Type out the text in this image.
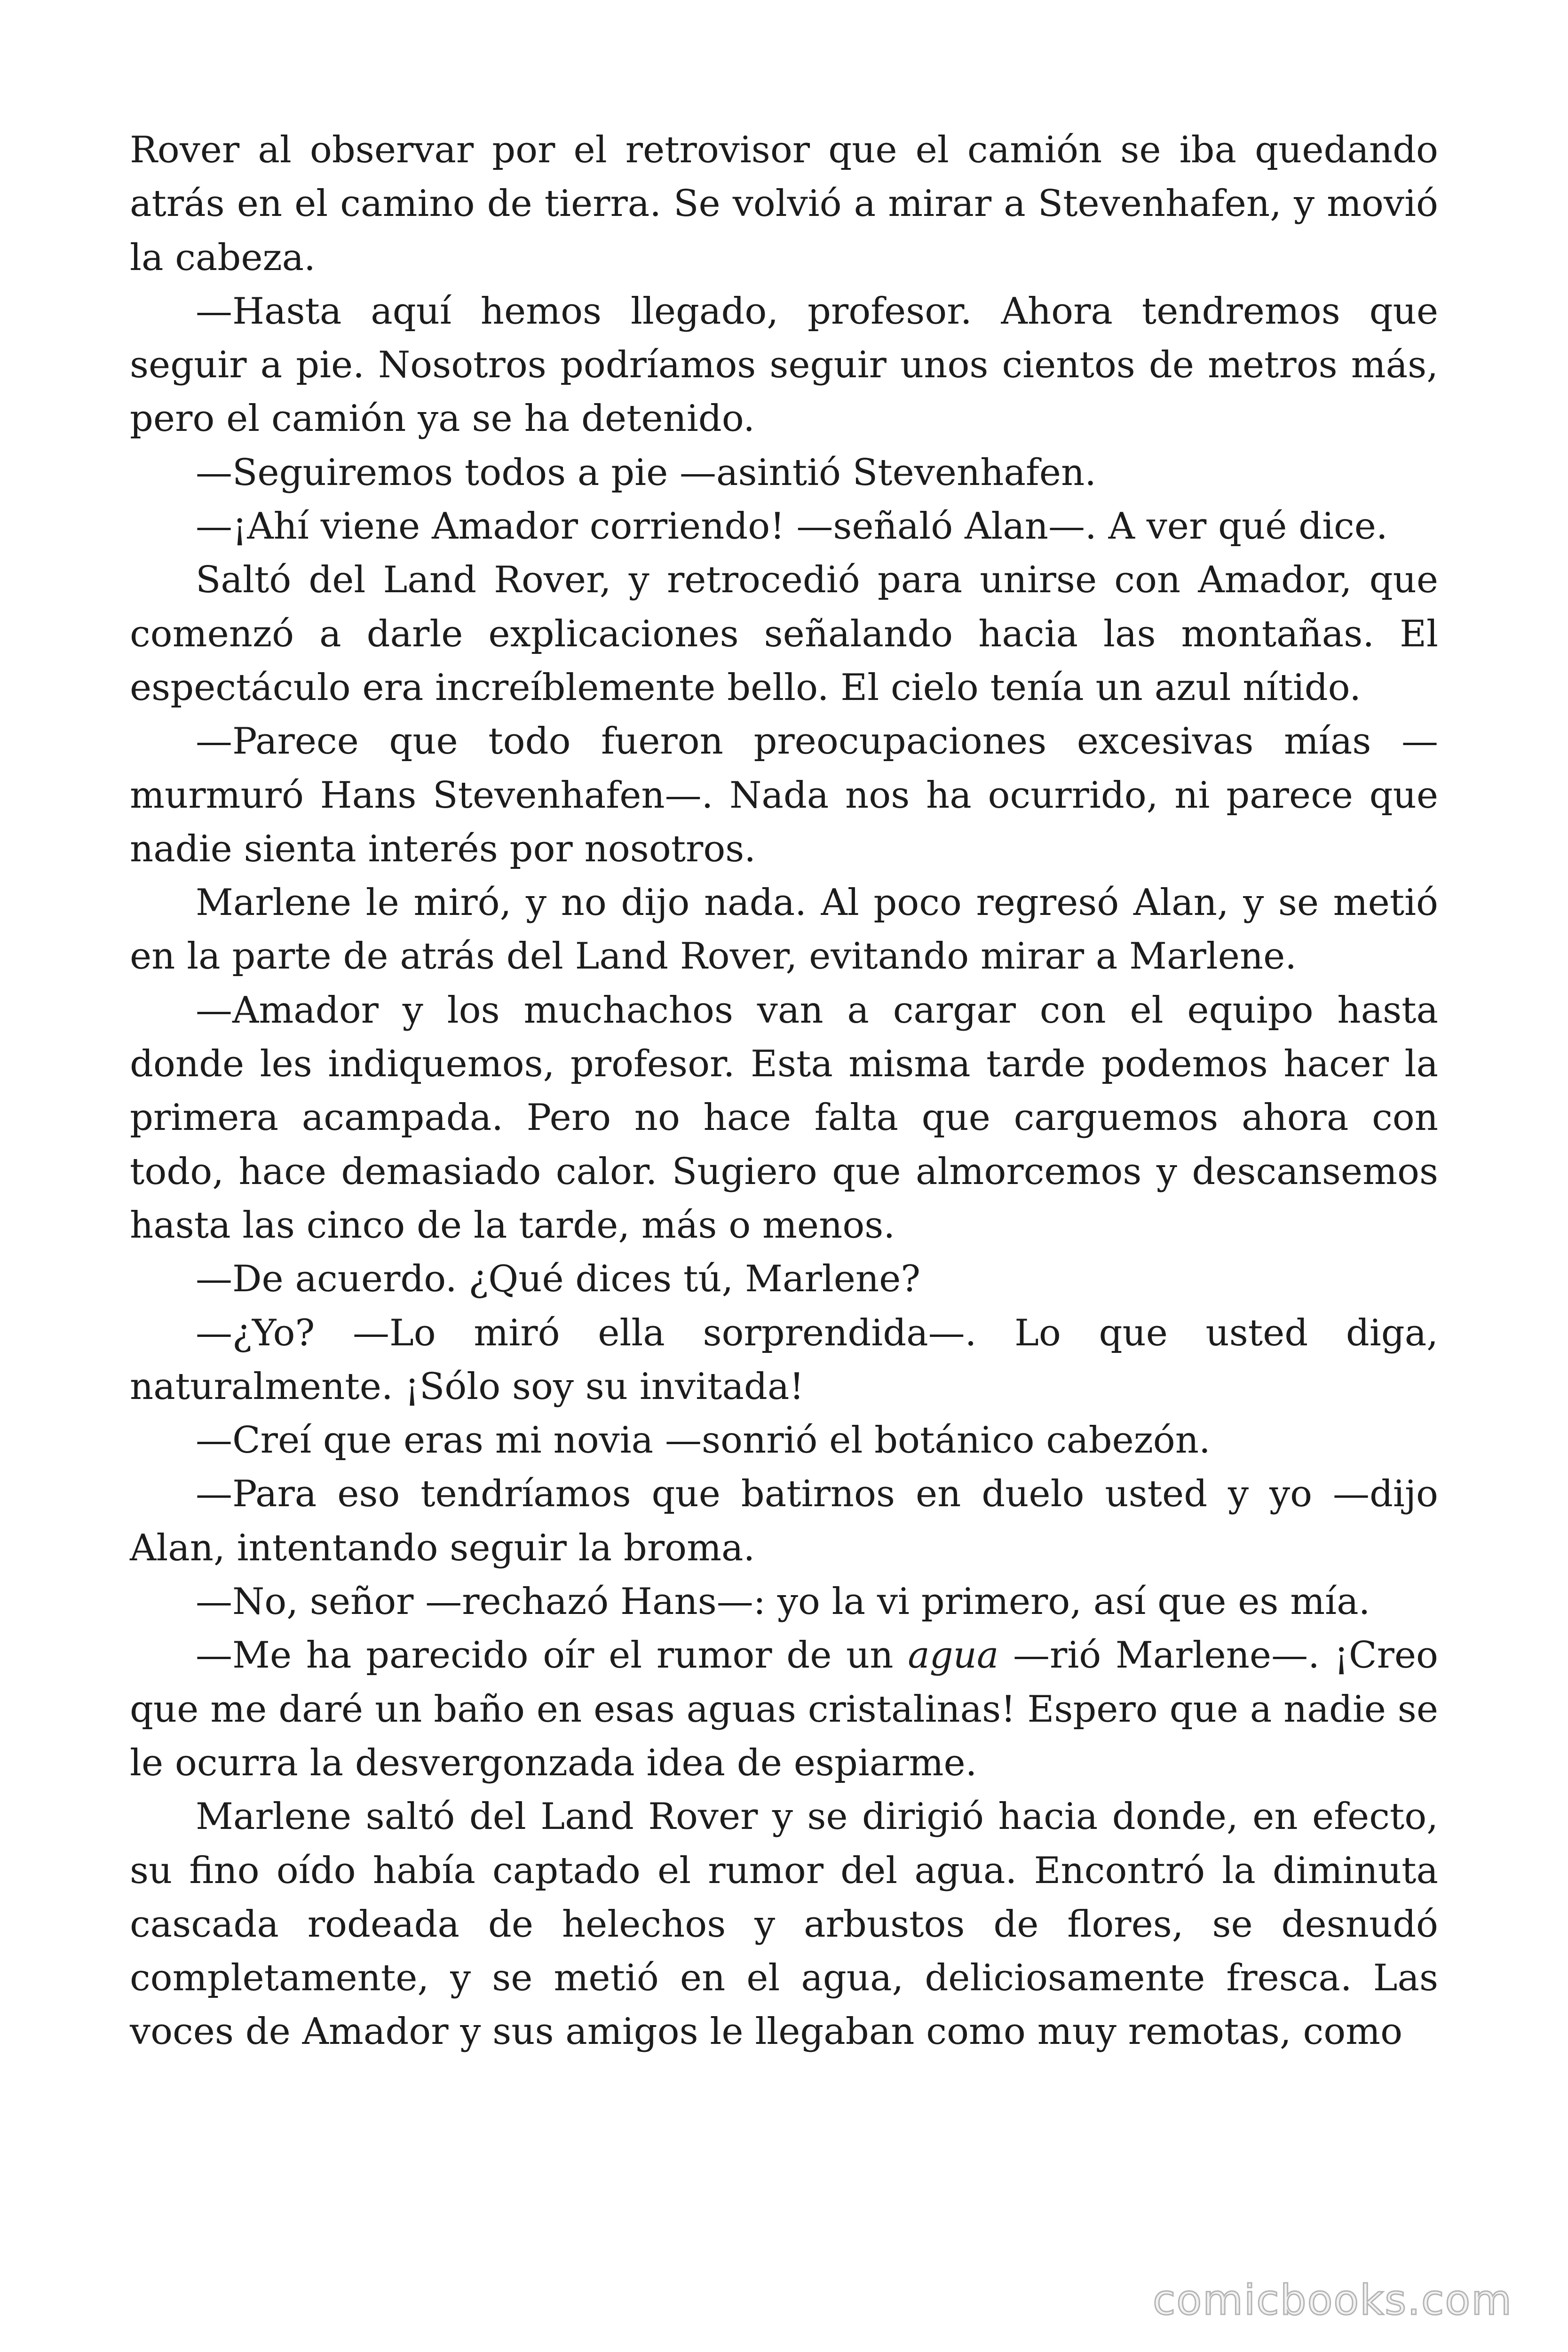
Rover al observar por el retrovisor que el camión se iba quedando atrás en el camino de tierra. Se volvió a mirar a Stevenhafen, y movió la cabeza.

—Hasta aquí hemos llegado, profesor. Ahora tendremos que seguir a pie. Nosotros podríamos seguir unos cientos de metros más, pero el camión ya se ha detenido.

—Seguiremos todos a pie —asintió Stevenhafen.

—¡Ahí viene Amador corriendo! —señaló Alan—. A ver qué dice.

Saltó del Land Rover, y retrocedió para unirse con Amador, que comenzó a darle explicaciones señalando hacia las montañas. El espectáculo era increíblemente bello. El cielo tenía un azul nítido.

—Parece que todo fueron preocupaciones excesivas mías —murmuró Hans Stevenhafen—. Nada nos ha ocurrido, ni parece que nadie sienta interés por nosotros.

Marlene le miró, y no dijo nada. Al poco regresó Alan, y se metió en la parte de atrás del Land Rover, evitando mirar a Marlene.

—Amador y los muchachos van a cargar con el equipo hasta donde les indiquemos, profesor. Esta misma tarde podemos hacer la primera acampada. Pero no hace falta que carguemos ahora con todo, hace demasiado calor. Sugiero que almorcemos y descansemos hasta las cinco de la tarde, más o menos.

—De acuerdo. ¿Qué dices tú, Marlene?

—¿Yo? —Lo miró ella sorprendida—. Lo que usted diga, naturalmente. ¡Sólo soy su invitada!

—Creí que eras mi novia —sonrió el botánico cabezón.

—Para eso tendríamos que batirnos en duelo usted y yo —dijo Alan, intentando seguir la broma.

—No, señor —rechazó Hans—: yo la vi primero, así que es mía.

—Me ha parecido oír el rumor de un agua —rió Marlene—. ¡Creo que me daré un baño en esas aguas cristalinas! Espero que a nadie se le ocurra la desvergonzada idea de espiarme.

Marlene saltó del Land Rover y se dirigió hacia donde, en efecto, su fino oído había captado el rumor del agua. Encontró la diminuta cascada rodeada de helechos y arbustos de flores, se desnudó completamente, y se metió en el agua, deliciosamente fresca. Las voces de Amador y sus amigos le llegaban como muy remotas, como

comicbooks.com
